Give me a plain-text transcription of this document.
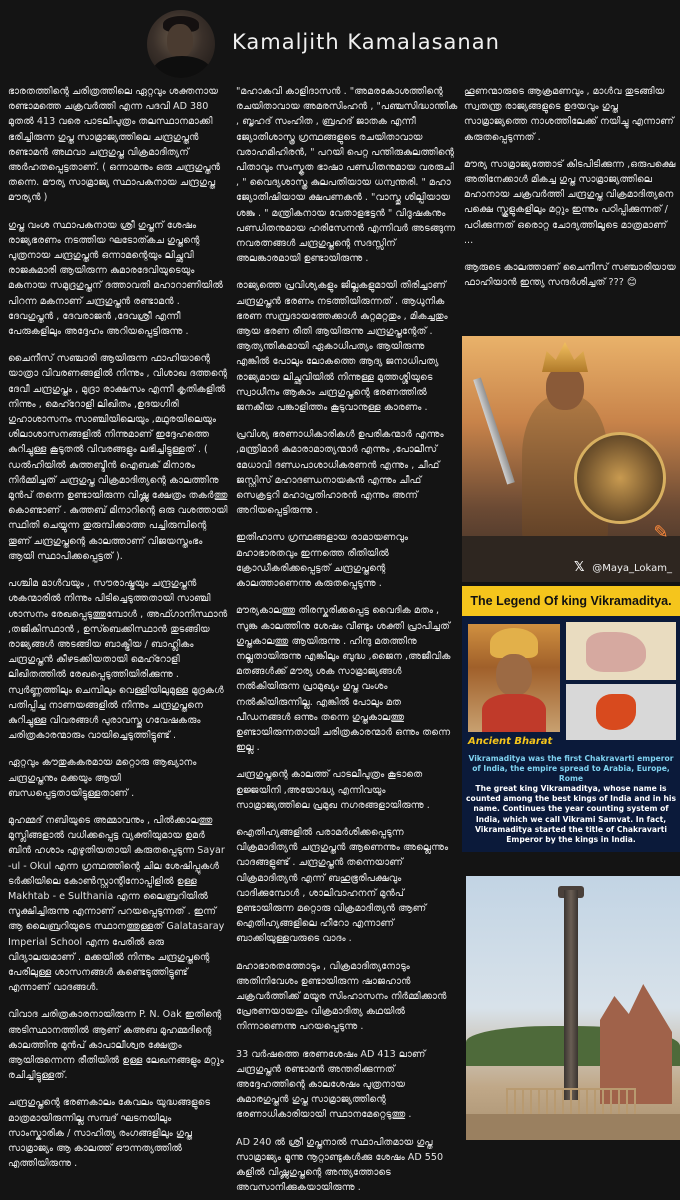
Kamaljith Kamalasanan

ഭാരതത്തിന്റെ ചരിത്രത്തിലെ ഏറ്റവും ശക്തനായ രണ്ടാമത്തെ ചക്രവർത്തി എന്ന പദവി AD 380 മുതൽ 413 വരെ പാടലീപുത്രം തലസ്ഥാനമാക്കി ഭരിച്ചിരുന്ന ഗുപ്ത സാമ്രാജ്യത്തിലെ ചന്ദ്രഗുപ്തൻ രണ്ടാമൻ അഥവാ ചന്ദ്രഗുപ്ത വിക്രമാദിത്യന് അർഹതപ്പെട്ടതാണ്. ( ഒന്നാമനും ഒരു ചന്ദ്രഗുപ്തൻ തന്നെ. മൗര്യ സാമ്രാജ്യ സ്ഥാപകനായ ചന്ദ്രഗുപ്ത മൗര്യൻ )

ഗുപ്ത വംശ സ്ഥാപകനായ ശ്രീ ഗുപ്തന് ശേഷം രാജ്യഭരണം നടത്തിയ ഘടോത്കച ഗുപ്തന്റെ പുത്രനായ ചന്ദ്രഗുപ്തൻ ഒന്നാമന്റെയും ലിച്ഛവി രാജകുമാരി ആയിരുന്ന കുമാരദേവിയുടെയും മകനായ സമുദ്രഗുപ്തന് ദത്താവതി മഹാറാണിയിൽ പിറന്ന മകനാണ് ചന്ദ്രഗുപ്തൻ രണ്ടാമൻ . ദേവഗുപ്തൻ , ദേവരാജൻ ,ദേവശ്രീ എന്നീ പേരുകളിലും അദ്ദേഹം അറിയപ്പെട്ടിരുന്നു .

ചൈനീസ് സഞ്ചാരി ആയിരുന്ന ഫാഹിയാന്റെ യാത്രാ വിവരണങ്ങളിൽ നിന്നും , വിശാഖ ദത്തന്റെ ദേവീ ചന്ദ്രഗുപ്തം , മുദ്രാ രാക്ഷസം എന്നീ കൃതികളിൽ നിന്നും , മെഹ്റോളി ലിഖിതം ,ഉദയഗിരി ഗുഹാശാസനം സാഞ്ചിയിലെയും ,മഥുരയിലെയും ശിലാശാസനങ്ങളിൽ നിന്നുമാണ് ഇദ്ദേഹത്തെ കുറിച്ചുള്ള കൂടുതൽ വിവരങ്ങളും ലഭിച്ചിട്ടുള്ളത് . ( ഡൽഹിയിൽ കുത്തബ്ദീൻ ഐബക് മിനാരം നിർമ്മിച്ചത് ചന്ദ്രഗുപ്ത വിക്രമാദിത്യന്റെ കാലത്തിനു മുൻപ് തന്നെ ഉണ്ടായിരുന്ന വിഷ്ണു ക്ഷേത്രം തകർത്തു കൊണ്ടാണ് . കുത്തബ് മിനാറിന്റെ ഒരു വശത്തായി സ്ഥിതി ചെയ്യുന്ന തുരുമ്പിക്കാത്ത പച്ചിരുമ്പിന്റെ തൂണ് ചന്ദ്രഗുപ്തന്റെ കാലത്താണ് വിജയസ്തംഭം ആയി സ്ഥാപിക്കപ്പെട്ടത് ).

പശ്ചിമ മാൾവയും , സൗരാഷ്ട്രയും ചന്ദ്രഗുപ്തൻ ശകന്മാരിൽ നിന്നും പിടിച്ചെടുത്തതായി സാഞ്ചി ശാസനം രേഖപ്പെടുത്തുമ്പോൾ , അഫ്ഗാനിസ്ഥാൻ ,തജികിസ്ഥാൻ , ഉസ്ബെക്കിസ്ഥാൻ തുടങ്ങിയ രാജ്യങ്ങൾ അടങ്ങിയ ബാക്ട്രിയ / ബാഹ്ലികം ചന്ദ്രഗുപ്തൻ കീഴടക്കിയതായി മെഹ്റോളി ലിഖിതത്തിൽ രേഖപ്പെടുത്തിയിരിക്കുന്നു . സ്വർണ്ണത്തിലും ചെമ്പിലും വെള്ളിയിലുമുള്ള മുദ്രകൾ പതിപ്പിച്ച നാണയങ്ങളിൽ നിന്നും ചന്ദ്രഗുപ്തനെ കുറിച്ചുള്ള വിവരങ്ങൾ പുരാവസ്തു ഗവേഷകരും ചരിത്രകാരന്മാരും വായിച്ചെടുത്തിട്ടുണ്ട് .

ഏറ്റവും കൗതുകകരമായ മറ്റൊരു ആഖ്യാനം ചന്ദ്രഗുപ്തനും മക്കയും ആയി ബന്ധപ്പെട്ടതായിട്ടുള്ളതാണ് .

മുഹമ്മദ് നബിയുടെ അമ്മാവനും , പിൽക്കാലത്തു മുസ്ലിങ്ങളാൽ വധിക്കപ്പെട്ട വ്യക്തിയുമായ ഉമർ ബിൻ ഹശാം എഴുതിയതായി കരുതപ്പെടുന്ന Sayar -ul - Okul എന്ന ഗ്രന്ഥത്തിന്റെ ചില ശേഷിപ്പുകൾ ടർക്കിയിലെ കോൺസ്റ്റാന്റിനോപ്പിളിൽ ഉള്ള Makhtab - e Sulthania എന്ന ലൈബ്രറിയിൽ സൂക്ഷിച്ചിരുന്നു എന്നാണ് പറയപ്പെടുന്നത് . ഇന്ന് ആ ലൈബ്രറിയുടെ സ്ഥാനത്തുള്ളത് Galatasaray Imperial School എന്ന പേരിൽ ഒരു വിദ്യാലയമാണ് . മക്കയിൽ നിന്നും ചന്ദ്രഗുപ്തന്റെ പേരിലുള്ള ശാസനങ്ങൾ കണ്ടെടുത്തിട്ടുണ്ട് എന്നാണ് വാദങ്ങൾ.

വിവാദ ചരിത്രകാരനായിരുന്ന P. N. Oak ഇതിന്റെ അടിസ്ഥാനത്തിൽ ആണ് കഅബ മുഹമ്മദിന്റെ കാലത്തിനു മുൻപ് കാപാലീശ്വര ക്ഷേത്രം ആയിരുന്നെന്ന രീതിയിൽ ഉള്ള ലേഖനങ്ങളും മറ്റും രചിച്ചിട്ടുള്ളത്.

ചന്ദ്രഗുപ്തന്റെ ഭരണകാലം കേവലം യുദ്ധങ്ങളുടെ മാത്രമായിരുന്നില്ല സമ്പദ് ഘടനയിലും സാംസ്കാരിക / സാഹിത്യ രംഗങ്ങളിലും ഗുപ്ത സാമ്രാജ്യം ആ കാലത്ത് ഔന്നത്യത്തിൽ എത്തിയിരുന്നു .

"മഹാകവി കാളിദാസൻ . "അമരകോശത്തിന്റെ രചയിതാവായ അമരസിംഹൻ , "പഞ്ചസിദ്ധാന്തിക , ബൃഹദ് സംഹിത , ബ്രഹദ് ജാതക എന്നീ ജ്യോതിശാസ്ത്ര ഗ്രന്ഥങ്ങളുടെ രചയിതാവായ വരാഹമിഹിരൻ, " പറയി പെറ്റ പന്തിരുകുലത്തിന്റെ പിതാവും സംസ്കൃത ഭാഷാ പണ്ഡിതനുമായ വരരുചി , " വൈദ്യശാസ്ത്ര കുലപതിയായ ധന്വന്തരി. " മഹാ ജ്യോതിഷിയായ ക്ഷപണകൻ . "വാസ്തു ശില്പിയായ ശങ്കു . " മന്ത്രികനായ വേതാളഭട്ടൻ " വിദൂഷകനും പണ്ഡിതനുമായ ഹരിസേനൻ എന്നിവർ അടങ്ങുന്ന നവരത്നങ്ങൾ ചന്ദ്രഗുപ്തന്റെ സദസ്സിന് അലങ്കാരമായി ഉണ്ടായിരുന്നു .

രാജ്യത്തെ പ്രവിശ്യകളും ജില്ലകളുമായി തിരിച്ചാണ് ചന്ദ്രഗുപ്തൻ ഭരണം നടത്തിയിരുന്നത് . ആധുനിക ഭരണ സമ്പ്രദായത്തേക്കാൾ കുറ്റമറ്റതും , മികച്ചതും ആയ ഭരണ രീതി ആയിരുന്നു ചന്ദ്രഗുപ്തന്റേത് . ആത്യന്തികമായി ഏകാധിപത്യം ആയിരുന്നു എങ്കിൽ പോലും ലോകത്തെ ആദ്യ ജനാധിപത്യ രാജ്യമായ ലിച്ഛവിയിൽ നിന്നുള്ള മുത്തശ്ശിയുടെ സ്വാധീനം ആകാം ചന്ദ്രഗുപ്തന്റെ ഭരണത്തിൽ ജനകീയ പങ്കാളിത്തം കൂടുവാനുള്ള കാരണം .

പ്രവിശ്യ ഭരണാധികാരികൾ ഉപരികന്മാർ എന്നും ,മന്ത്രിമാർ കുമാരാമാത്യന്മാർ എന്നും ,പോലീസ് മേധാവി ദണ്ഡപാശാധികരണൻ എന്നും , ചീഫ് ജസ്റ്റിസ് മഹാദണ്ഡനായകൻ എന്നും ചീഫ് സെക്രട്ടറി മഹാപ്രതിഹാരൻ എന്നും അന്ന് അറിയപ്പെട്ടിരുന്നു .

ഇതിഹാസ ഗ്രന്ഥങ്ങളായ രാമായണവും മഹാഭാരതവും ഇന്നത്തെ രീതിയിൽ ക്രോഡീകരിക്കപ്പെട്ടത് ചന്ദ്രഗുപ്തന്റെ കാലത്താണെന്നു കരുതപ്പെടുന്നു .

മൗര്യകാലത്തു തിരസ്കരിക്കപ്പെട്ട വൈദിക മതം , സുങ്ക കാലത്തിനു ശേഷം വീണ്ടും ശക്തി പ്രാപിച്ചത് ഗുപ്തകാലത്തു ആയിരുന്നു . ഹിന്ദു മതത്തിനു നല്ലതായിരുന്നു എങ്കിലും ബുദ്ധ ,ജൈന ,അജീവിക മതങ്ങൾക്ക് മൗര്യ ശക സാമ്രാജ്യങ്ങൾ നൽകിയിരുന്ന പ്രാമുഖ്യം ഗുപ്ത വംശം നൽകിയിരുന്നില്ല. എങ്കിൽ പോലും മത പീഡനങ്ങൾ ഒന്നും തന്നെ ഗുപ്തകാലത്തു ഉണ്ടായിരുന്നതായി ചരിത്രകാരന്മാർ ഒന്നും തന്നെ ഇല്ല .

ചന്ദ്രഗുപ്തന്റെ കാലത്ത് പാടലീപുത്രം കൂടാതെ ഉജ്ജയിനി ,അയോദ്ധ്യ എന്നിവയും സാമ്രാജ്യത്തിലെ പ്രമുഖ നഗരങ്ങളായിരുന്നു .

ഐതിഹ്യങ്ങളിൽ പരാമർശിക്കപ്പെടുന്ന വിക്രമാദിത്യൻ ചന്ദ്രഗുപ്തൻ ആണെന്നും അല്ലെന്നും വാദങ്ങളുണ്ട് . ചന്ദ്രഗുപ്തൻ തന്നെയാണ് വിക്രമാദിത്യൻ എന്ന് ബഹുഭൂരിപക്ഷവും വാദിക്കുമ്പോൾ , ശാലിവാഹനന് മുൻപ് ഉണ്ടായിരുന്ന മറ്റൊരു വിക്രമാദിത്യൻ ആണ് ഐതിഹ്യങ്ങളിലെ ഹീറോ എന്നാണ് ബാക്കിയുള്ളവരുടെ വാദം .

മഹാഭാരതത്തോടും , വിക്രമാദിത്യനോടും അതിനിവേശം ഉണ്ടായിരുന്ന ഷാജഹാൻ ചക്രവർത്തിക്ക് മയൂര സിംഹാസനം നിർമ്മിക്കാൻ പ്രേരണയായതും വിക്രമാദിത്യ കഥയിൽ നിന്നാണെന്നു പറയപ്പെടുന്നു .

33 വർഷത്തെ ഭരണശേഷം AD 413 ലാണ് ചന്ദ്രഗുപ്തൻ രണ്ടാമൻ അന്തരിക്കുന്നത് അദ്ദേഹത്തിന്റെ കാലശേഷം പുത്രനായ കുമാരഗുപ്തൻ ഗുപ്ത സാമ്രാജ്യത്തിന്റെ ഭരണാധികാരിയായി സ്ഥാനമേറ്റെടുത്തു .

AD 240 ൽ ശ്രീ ഗുപ്തനാൽ സ്ഥാപിതമായ ഗുപ്ത സാമ്രാജ്യം മൂന്നു നൂറ്റാണ്ടുകൾക്കു ശേഷം AD 550 കളിൽ വിഷ്ണുഗുപ്തന്റെ അന്ത്യത്തോടെ അവസാനിക്കുകയായിരുന്നു .

ഹൂണന്മാരുടെ ആക്രമണവും , മാൾവ തുടങ്ങിയ സ്വതന്ത്ര രാജ്യങ്ങളുടെ ഉദയവും ഗുപ്ത സാമ്രാജ്യത്തെ നാശത്തിലേക്ക് നയിച്ചു എന്നാണ് കരുതപ്പെടുന്നത് .

മൗര്യ സാമ്രാജ്യത്തോട് കിടപിടിക്കുന്ന ,ഒരുപക്ഷെ അതിനേക്കാൾ മികച്ച ഗുപ്ത സാമ്രാജ്യത്തിലെ മഹാനായ ചക്രവർത്തി ചന്ദ്രഗുപ്ത വിക്രമാദിത്യനെ പക്ഷെ സ്കൂളുകളിലും മറ്റും ഇന്നും പഠിപ്പിക്കുന്നത് / പഠിക്കുന്നത് ഒരൊറ്റ ചോദ്യത്തിലൂടെ മാത്രമാണ് ...

ആരുടെ കാലത്താണ് ചൈനീസ് സഞ്ചാരിയായ ഫാഹിയാൻ ഇന്ത്യ സന്ദർശിച്ചത് ??? 😊

✎
𝕏 @Maya_Lokam_
The Legend Of king Vikramaditya.
Ancient Bharat
Vikramaditya was the first Chakravarti emperor of India, the empire spread to Arabia, Europe, Rome
The great king Vikramaditya, whose name is counted among the best kings of India and in his name. Continues the year counting system of India, which we call Vikrami Samvat. In fact, Vikramaditya started the title of Chakravarti Emperor by the kings in India.
